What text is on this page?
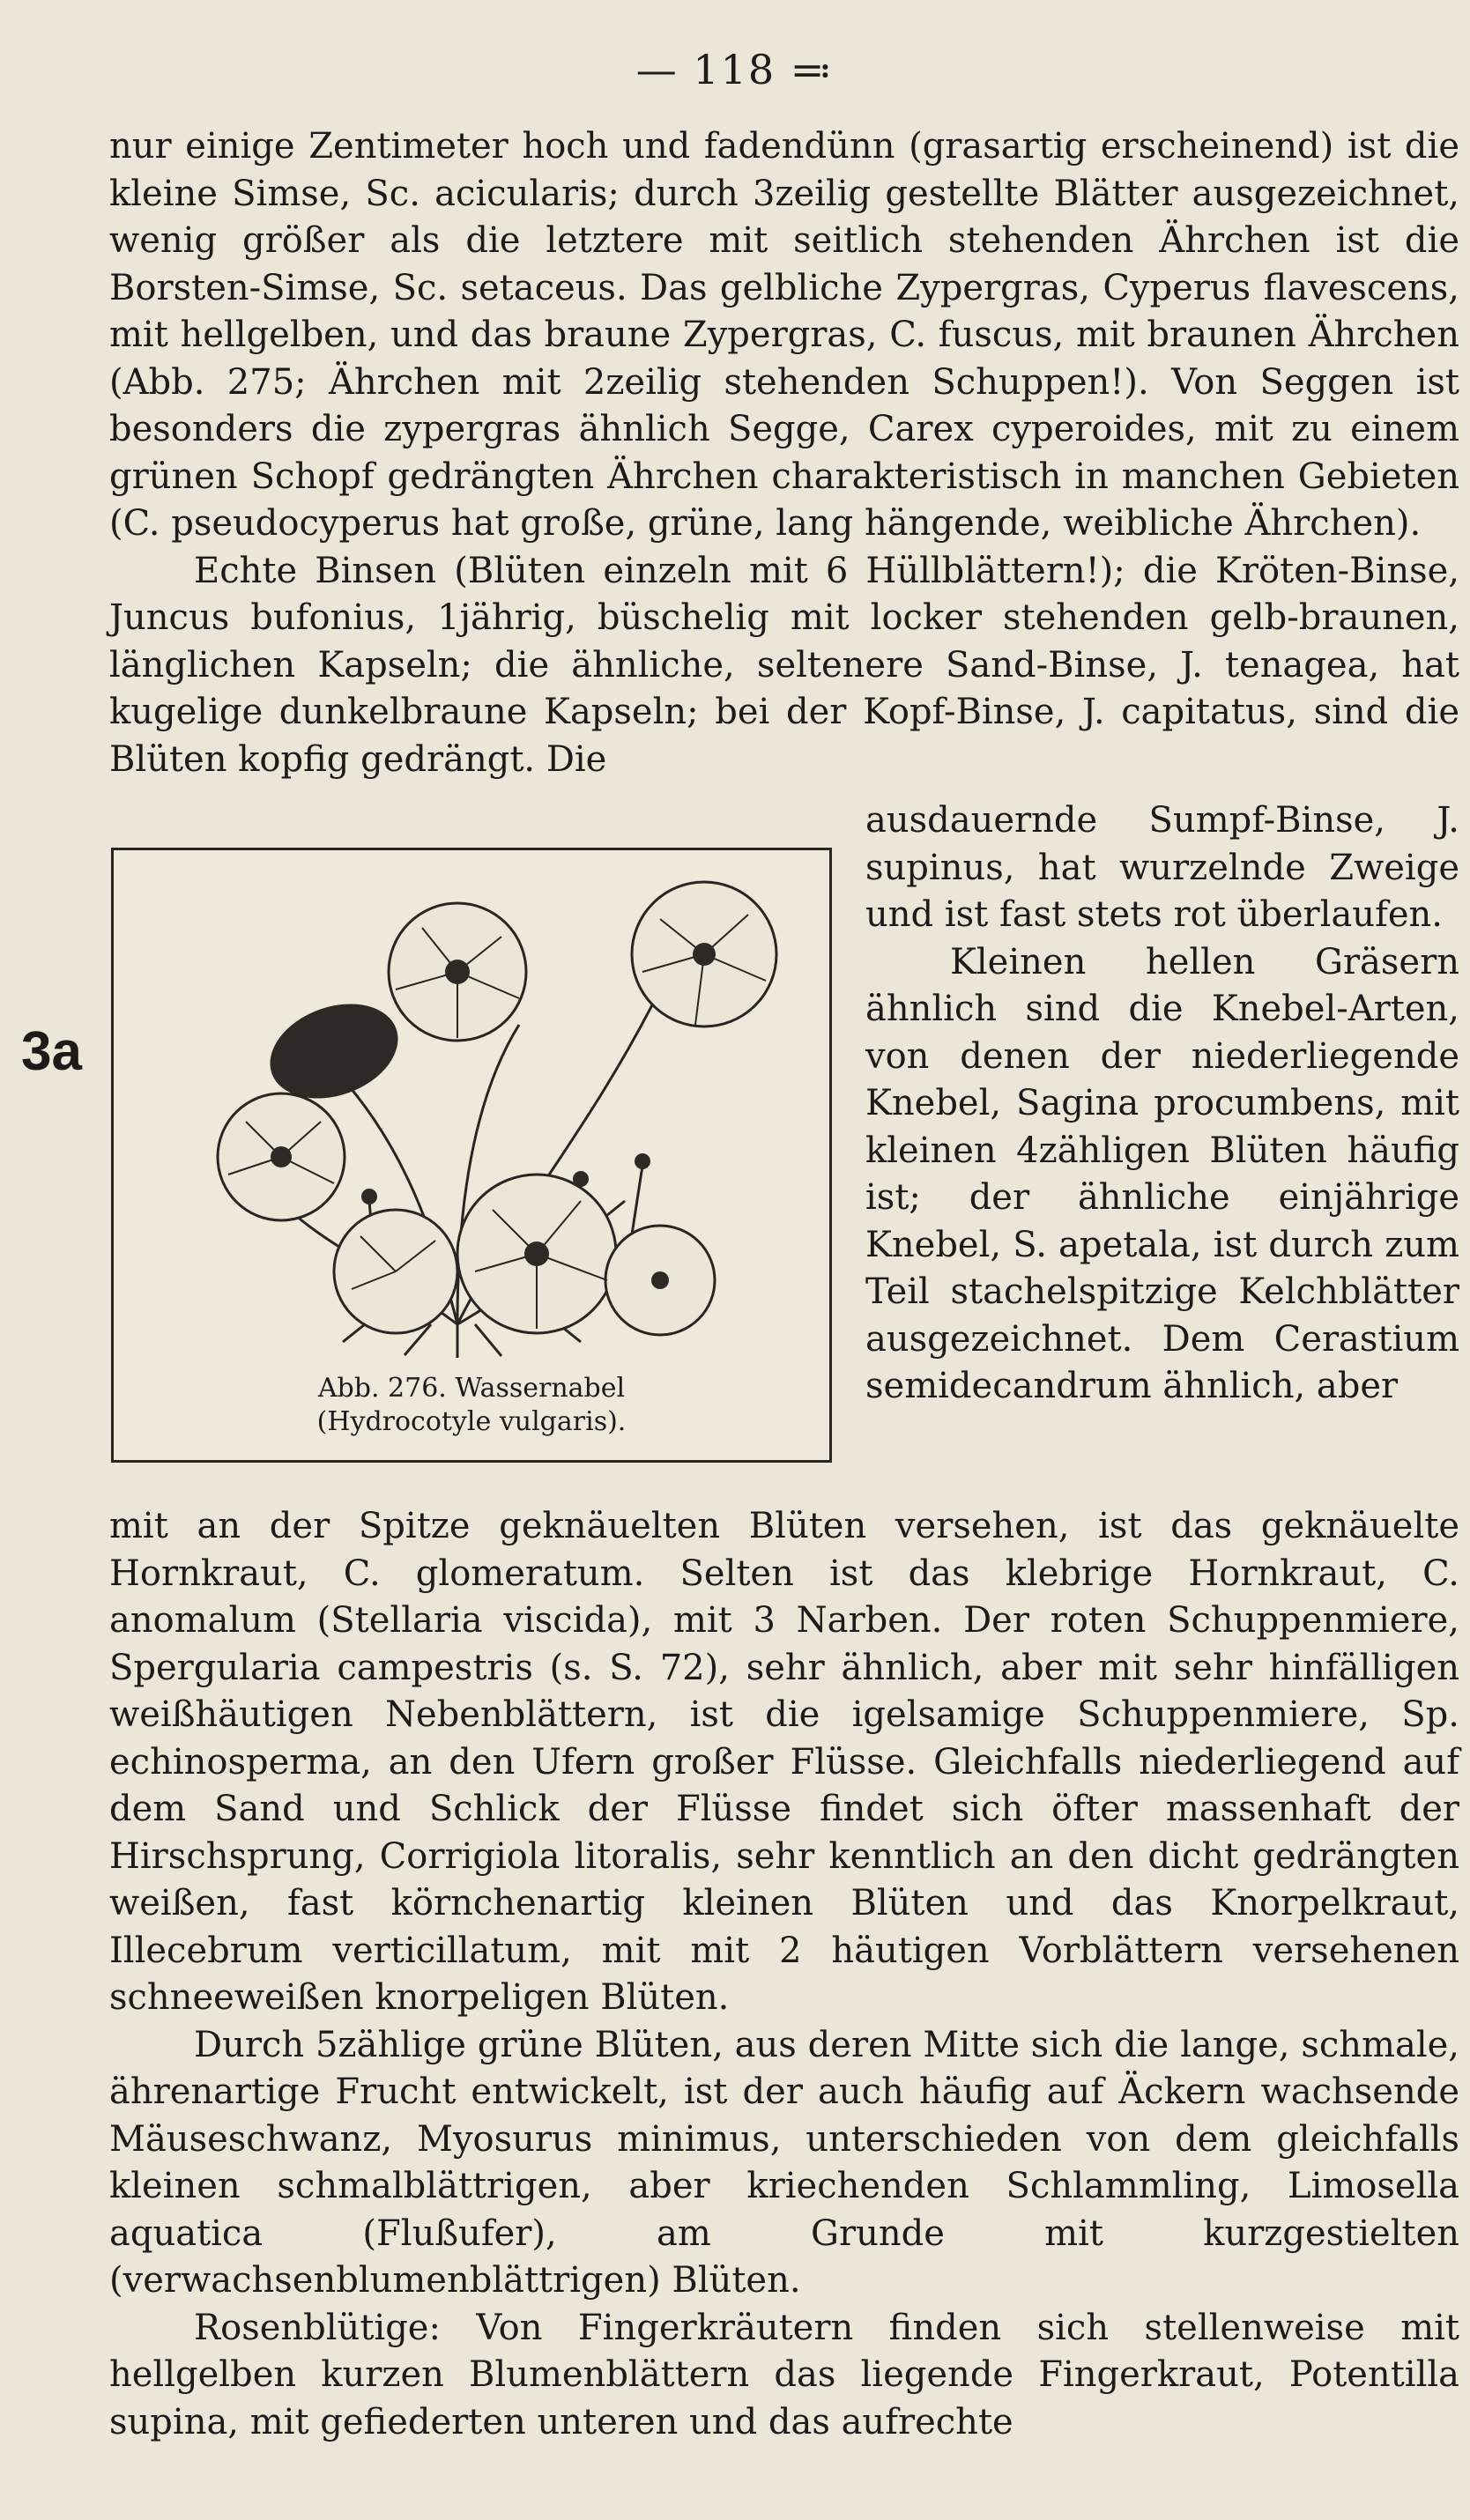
— 118 ≕
3a

nur einige Zentimeter hoch und fadendünn (grasartig erscheinend) ist die kleine Simse, Sc. acicularis; durch 3zeilig gestellte Blätter ausgezeichnet, wenig größer als die letztere mit seitlich stehenden Ährchen ist die Borsten-Simse, Sc. setaceus. Das gelbliche Zypergras, Cyperus flavescens, mit hellgelben, und das braune Zypergras, C. fuscus, mit braunen Ährchen (Abb. 275; Ährchen mit 2zeilig stehenden Schuppen!). Von Seggen ist besonders die zypergras ähnlich Segge, Carex cyperoides, mit zu einem grünen Schopf gedrängten Ährchen charakteristisch in manchen Gebieten (C. pseudocyperus hat große, grüne, lang hängende, weibliche Ährchen).

Echte Binsen (Blüten einzeln mit 6 Hüllblättern!); die Kröten-Binse, Juncus bufonius, 1jährig, büschelig mit locker stehenden gelb-braunen, länglichen Kapseln; die ähnliche, seltenere Sand-Binse, J. tenagea, hat kugelige dunkelbraune Kapseln; bei der Kopf-Binse, J. capitatus, sind die Blüten kopfig gedrängt. Die

Abb. 276. Wassernabel
(Hydrocotyle vulgaris).

ausdauernde Sumpf-Binse, J. supinus, hat wurzelnde Zweige und ist fast stets rot überlaufen.

Kleinen hellen Gräsern ähnlich sind die Knebel-Arten, von denen der niederliegende Knebel, Sagina procumbens, mit kleinen 4zähligen Blüten häufig ist; der ähnliche einjährige Knebel, S. apetala, ist durch zum Teil stachelspitzige Kelchblätter ausgezeichnet. Dem Cerastium semidecandrum ähnlich, aber

mit an der Spitze geknäuelten Blüten versehen, ist das geknäuelte Hornkraut, C. glomeratum. Selten ist das klebrige Hornkraut, C. anomalum (Stellaria viscida), mit 3 Narben. Der roten Schuppenmiere, Spergularia campestris (s. S. 72), sehr ähnlich, aber mit sehr hinfälligen weißhäutigen Nebenblättern, ist die igelsamige Schuppenmiere, Sp. echinosperma, an den Ufern großer Flüsse. Gleichfalls niederliegend auf dem Sand und Schlick der Flüsse findet sich öfter massenhaft der Hirschsprung, Corrigiola litoralis, sehr kenntlich an den dicht gedrängten weißen, fast körnchenartig kleinen Blüten und das Knorpelkraut, Illecebrum verticillatum, mit mit 2 häutigen Vorblättern versehenen schneeweißen knorpeligen Blüten.

Durch 5zählige grüne Blüten, aus deren Mitte sich die lange, schmale, ährenartige Frucht entwickelt, ist der auch häufig auf Äckern wachsende Mäuseschwanz, Myosurus minimus, unterschieden von dem gleichfalls kleinen schmalblättrigen, aber kriechenden Schlammling, Limosella aquatica (Flußufer), am Grunde mit kurzgestielten (verwachsenblumenblättrigen) Blüten.

Rosenblütige: Von Fingerkräutern finden sich stellenweise mit hellgelben kurzen Blumenblättern das liegende Fingerkraut, Potentilla supina, mit gefiederten unteren und das aufrechte
